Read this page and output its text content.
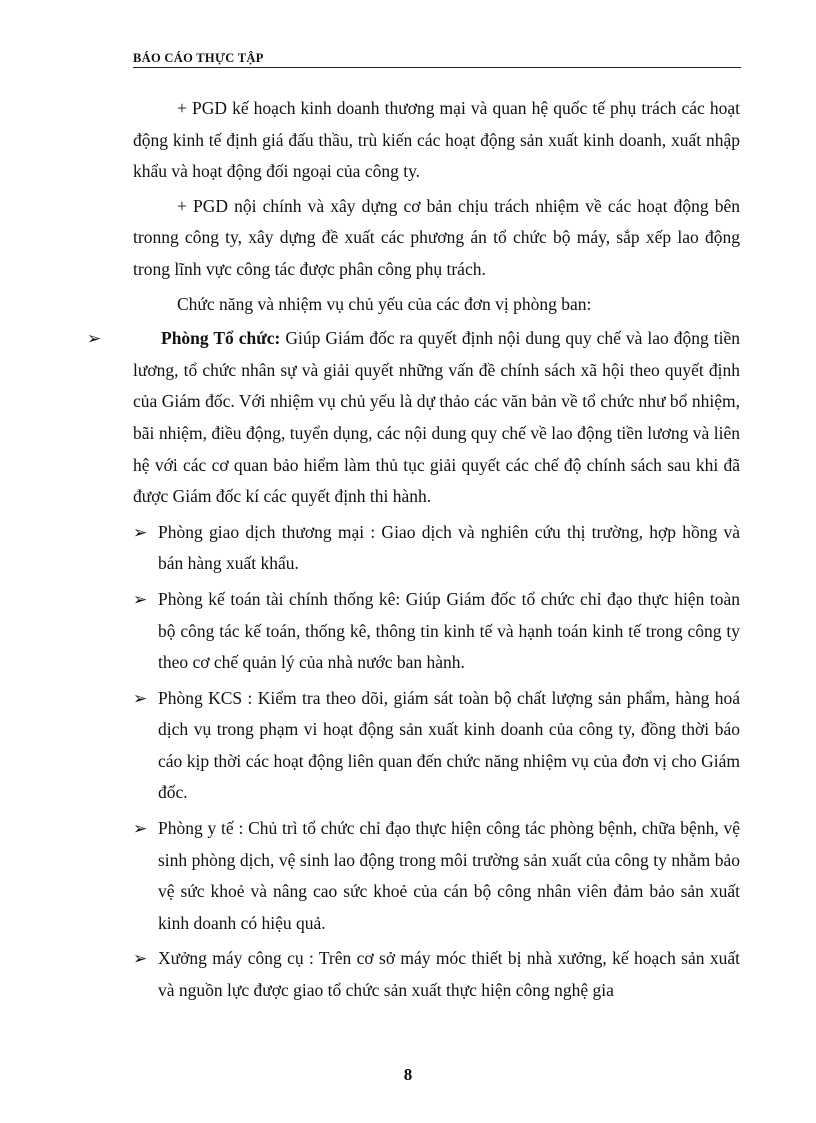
BÁO CÁO THỰC TẬP

+ PGD kế hoạch kinh doanh thương mại và quan hệ quốc tế phụ trách các hoạt động kinh tế định giá đấu thầu, trù kiến các hoạt động sản xuất kinh doanh, xuất nhập khẩu và hoạt động đối ngoại của công ty.

+ PGD nội chính và xây dựng cơ bản chịu trách nhiệm về các hoạt động bên tronng công ty, xây dựng đề xuất các phương án tổ chức bộ máy, sắp xếp lao động trong lĩnh vực công tác được phân công phụ trách.

Chức năng và nhiệm vụ chủ yếu của các đơn vị phòng ban:

➢	Phòng Tổ chức: Giúp Giám đốc ra quyết định nội dung quy chế và lao động tiền lương, tổ chức nhân sự và giải quyết những vấn đề chính sách xã hội theo quyết định của Giám đốc. Với nhiệm vụ chủ yếu là dự thảo các văn bản về tổ chức như bổ nhiệm, bãi nhiệm, điều động, tuyển dụng, các nội dung quy chế về lao động tiền lương và liên hệ với các cơ quan bảo hiểm làm thủ tục giải quyết các chế độ chính sách sau khi đã được Giám đốc kí các quyết định thi hành.
➢ Phòng giao dịch thương mại : Giao dịch và nghiên cứu thị trường, hợp hồng và bán hàng xuất khẩu.
➢ Phòng kế toán tài chính thống kê: Giúp Giám đốc tổ chức chỉ đạo thực hiện toàn bộ công tác kế toán, thống kê, thông tin kinh tế và hạnh toán kinh tế trong công ty theo cơ chế quản lý của nhà nước ban hành.
➢ Phòng KCS : Kiểm tra theo dõi, giám sát toàn bộ chất lượng sản phẩm, hàng hoá dịch vụ trong phạm vi hoạt động sản xuất kinh doanh của công ty, đồng thời báo cáo kịp thời các hoạt động liên quan đến chức năng nhiệm vụ của đơn vị cho Giám đốc.
➢ Phòng y tế : Chủ trì tổ chức chỉ đạo thực hiện công tác phòng bệnh, chữa bệnh, vệ sinh phòng dịch, vệ sinh lao động trong môi trường sản xuất của công ty nhằm bảo vệ sức khoẻ và nâng cao sức khoẻ của cán bộ công nhân viên đảm bảo sản xuất kinh doanh có hiệu quả.
➢ Xưởng máy công cụ : Trên cơ sở máy móc thiết bị nhà xưởng, kế hoạch sản xuất và nguồn lực được giao tổ chức sản xuất thực hiện công nghệ gia
8
